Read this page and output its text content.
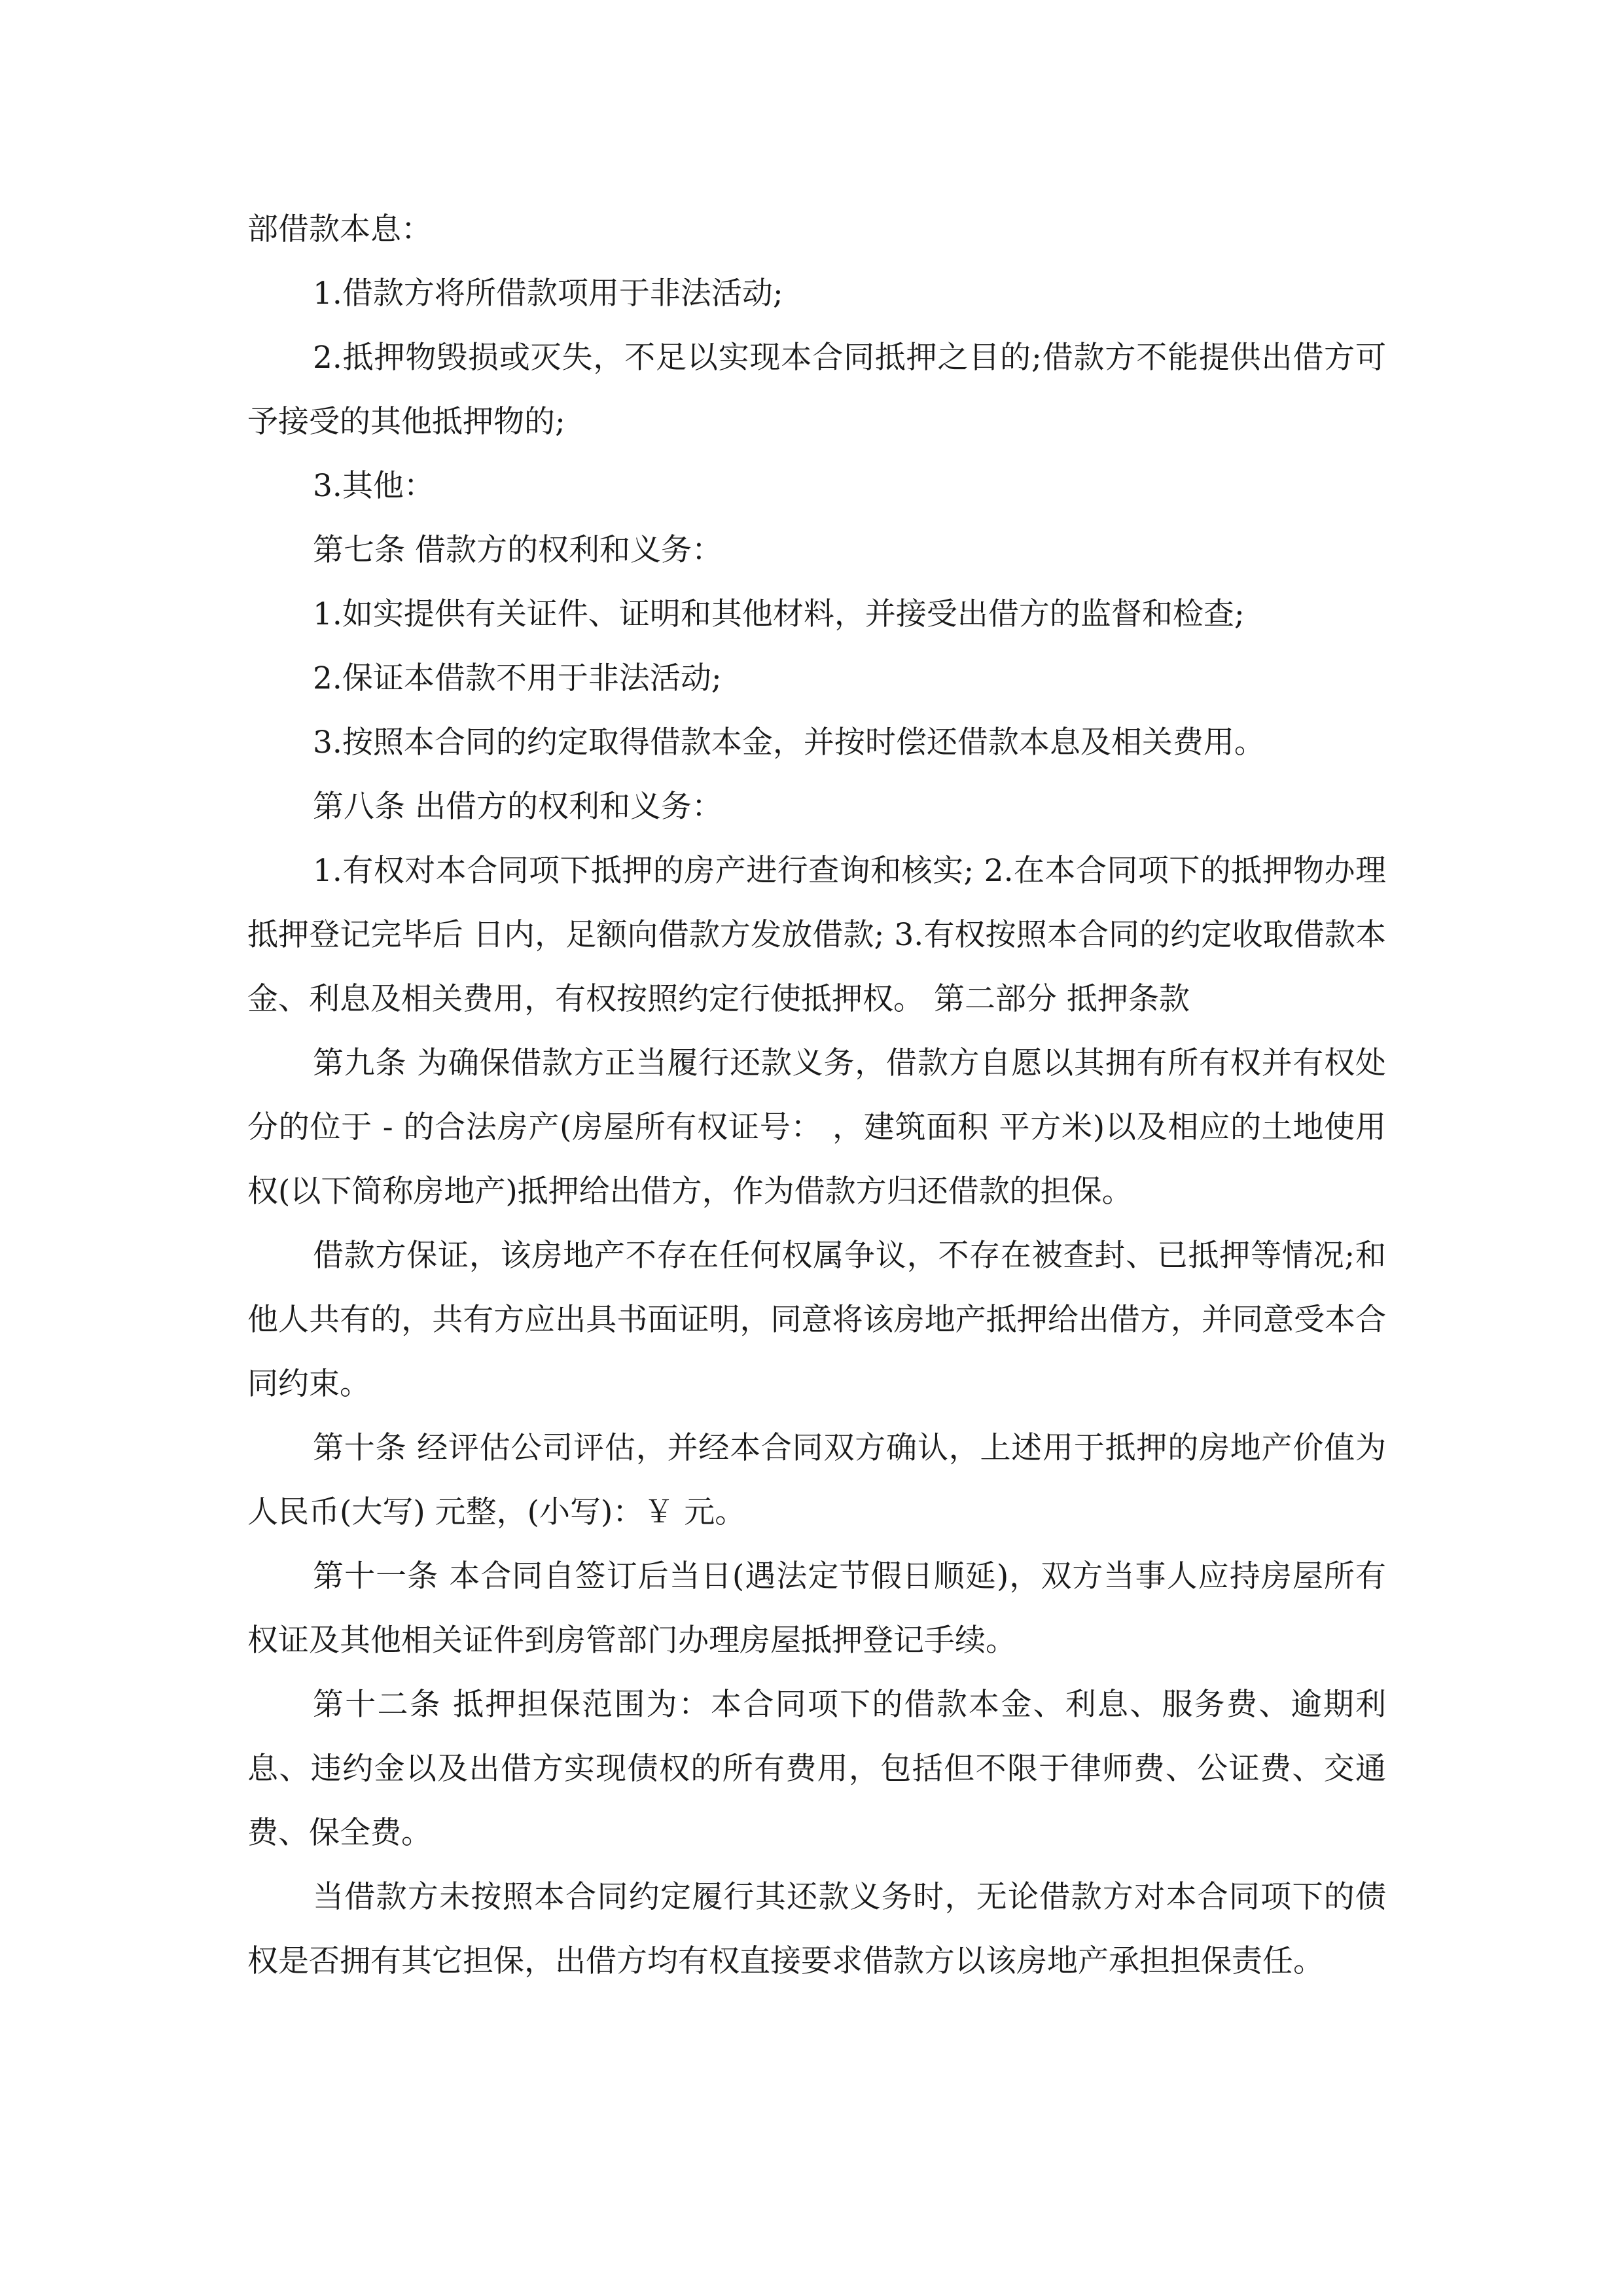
部借款本息：

1.借款方将所借款项用于非法活动;

2.抵押物毁损或灭失，不足以实现本合同抵押之目的;借款方不能提供出借方可予接受的其他抵押物的;

3.其他：

第七条 借款方的权利和义务：

1.如实提供有关证件、证明和其他材料，并接受出借方的监督和检查;

2.保证本借款不用于非法活动;

3.按照本合同的约定取得借款本金，并按时偿还借款本息及相关费用。

第八条 出借方的权利和义务：

1.有权对本合同项下抵押的房产进行查询和核实; 2.在本合同项下的抵押物办理抵押登记完毕后 日内，足额向借款方发放借款; 3.有权按照本合同的约定收取借款本金、利息及相关费用，有权按照约定行使抵押权。 第二部分 抵押条款

第九条 为确保借款方正当履行还款义务，借款方自愿以其拥有所有权并有权处分的位于 - 的合法房产(房屋所有权证号： ，建筑面积 平方米)以及相应的土地使用权(以下简称房地产)抵押给出借方，作为借款方归还借款的担保。

借款方保证，该房地产不存在任何权属争议，不存在被查封、已抵押等情况;和他人共有的，共有方应出具书面证明，同意将该房地产抵押给出借方，并同意受本合同约束。

第十条 经评估公司评估，并经本合同双方确认，上述用于抵押的房地产价值为人民币(大写) 元整，(小写)：￥ 元。

第十一条 本合同自签订后当日(遇法定节假日顺延)，双方当事人应持房屋所有权证及其他相关证件到房管部门办理房屋抵押登记手续。

第十二条 抵押担保范围为：本合同项下的借款本金、利息、服务费、逾期利息、违约金以及出借方实现债权的所有费用，包括但不限于律师费、公证费、交通费、保全费。

当借款方未按照本合同约定履行其还款义务时，无论借款方对本合同项下的债权是否拥有其它担保，出借方均有权直接要求借款方以该房地产承担担保责任。
